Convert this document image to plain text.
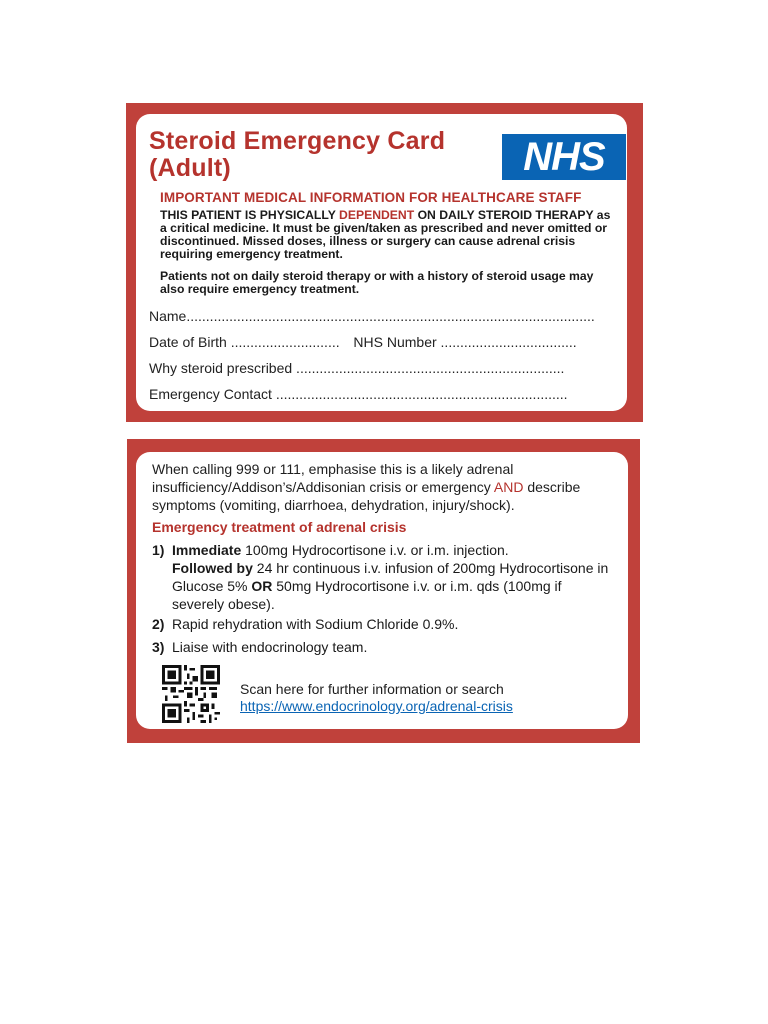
Steroid Emergency Card
(Adult)	NHS
IMPORTANT MEDICAL INFORMATION FOR HEALTHCARE STAFF
THIS PATIENT IS PHYSICALLY DEPENDENT ON DAILY STEROID THERAPY as a critical medicine. It must be given/taken as prescribed and never omitted or discontinued. Missed doses, illness or surgery can cause adrenal crisis requiring emergency treatment.
Patients not on daily steroid therapy or with a history of steroid usage may also require emergency treatment.
Name.........................................................................................................
Date of Birth ............................ NHS Number ...................................
Why steroid prescribed .....................................................................
Emergency Contact ...........................................................................
When calling 999 or 111, emphasise this is a likely adrenal insufficiency/Addison’s/Addisonian crisis or emergency AND describe symptoms (vomiting, diarrhoea, dehydration, injury/shock).
Emergency treatment of adrenal crisis
1) Immediate 100mg Hydrocortisone i.v. or i.m. injection.
Followed by 24 hr continuous i.v. infusion of 200mg Hydrocortisone in Glucose 5% OR 50mg Hydrocortisone i.v. or i.m. qds (100mg if severely obese).
2) Rapid rehydration with Sodium Chloride 0.9%.
3) Liaise with endocrinology team.
Scan here for further information or search
https://www.endocrinology.org/adrenal-crisis
